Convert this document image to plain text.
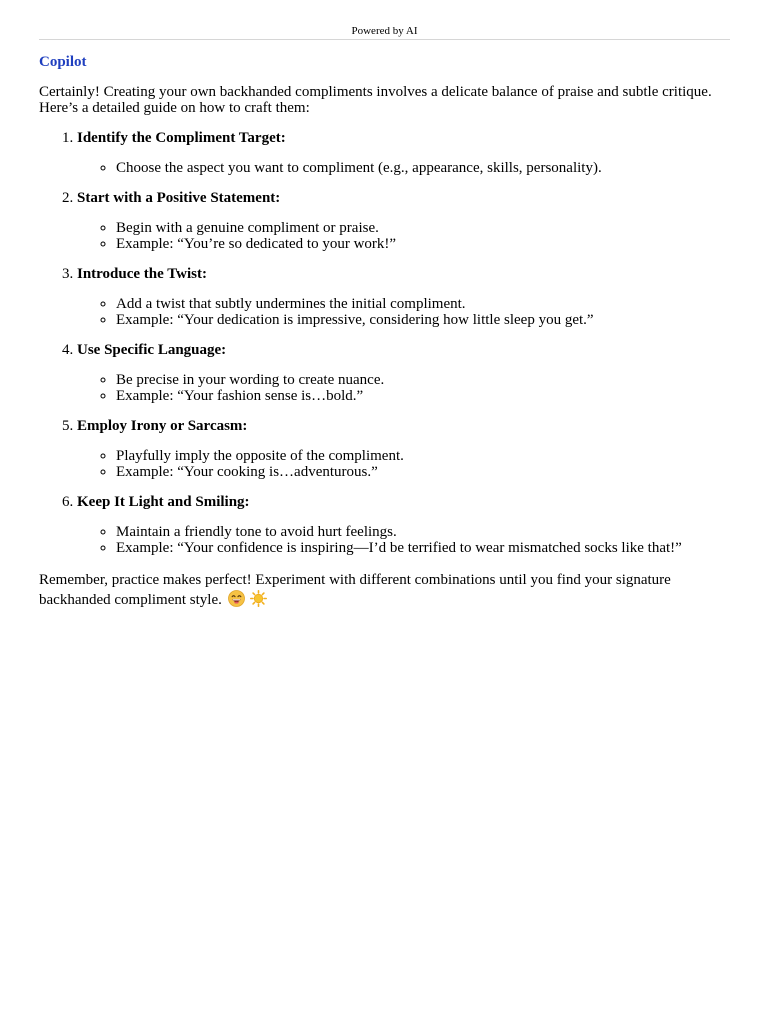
Powered by AI
Copilot

Certainly! Creating your own backhanded compliments involves a delicate balance of praise and subtle critique. Here’s a detailed guide on how to craft them:

1. Identify the Compliment Target:
◦ Choose the aspect you want to compliment (e.g., appearance, skills, personality).
2. Start with a Positive Statement:
◦ Begin with a genuine compliment or praise.
◦ Example: “You’re so dedicated to your work!”
3. Introduce the Twist:
◦ Add a twist that subtly undermines the initial compliment.
◦ Example: “Your dedication is impressive, considering how little sleep you get.”
4. Use Specific Language:
◦ Be precise in your wording to create nuance.
◦ Example: “Your fashion sense is…bold.”
5. Employ Irony or Sarcasm:
◦ Playfully imply the opposite of the compliment.
◦ Example: “Your cooking is…adventurous.”
6. Keep It Light and Smiling:
◦ Maintain a friendly tone to avoid hurt feelings.
◦ Example: “Your confidence is inspiring—I’d be terrified to wear mismatched socks like that!”
Remember, practice makes perfect! Experiment with different combinations until you find your signature backhanded compliment style.
